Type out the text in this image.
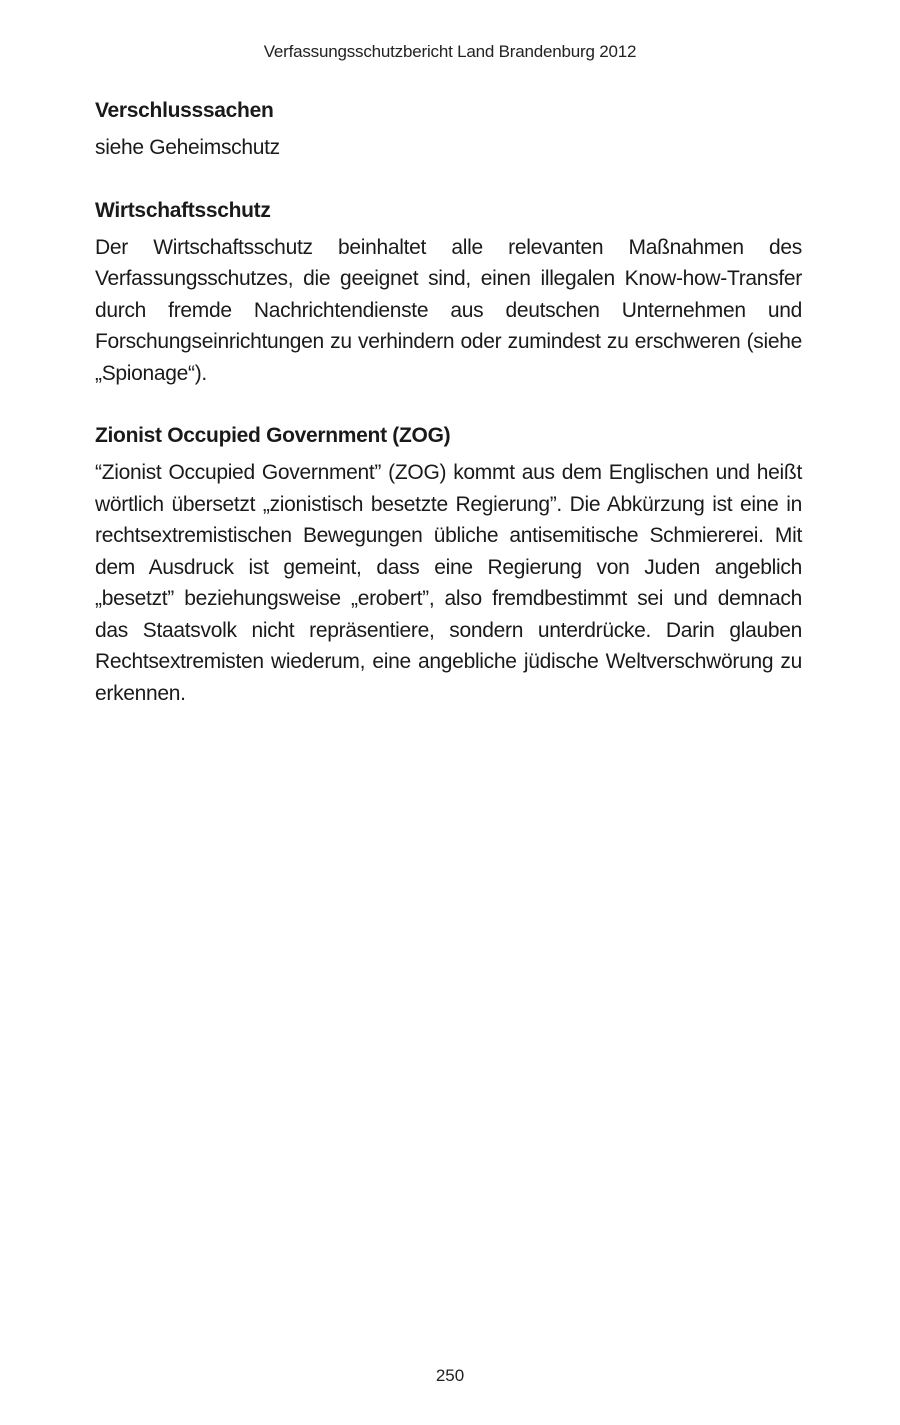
Verfassungsschutzbericht Land Brandenburg 2012
Verschlusssachen

siehe Geheimschutz

Wirtschaftsschutz

Der Wirtschaftsschutz beinhaltet alle relevanten Maßnahmen des Verfassungsschutzes, die geeignet sind, einen illegalen Know-how-Transfer durch fremde Nachrichtendienste aus deutschen Unternehmen und Forschungseinrichtungen zu verhindern oder zumindest zu erschweren (siehe „Spionage“).

Zionist Occupied Government (ZOG)

“Zionist Occupied Government” (ZOG) kommt aus dem Englischen und heißt wörtlich übersetzt „zionistisch besetzte Regierung”. Die Abkürzung ist eine in rechtsextremistischen Bewegungen übliche antisemitische Schmiererei. Mit dem Ausdruck ist gemeint, dass eine Regierung von Juden angeblich „besetzt” beziehungsweise „erobert”, also fremdbestimmt sei und demnach das Staatsvolk nicht repräsentiere, sondern unterdrücke. Darin glauben Rechtsextremisten wiederum, eine angebliche jüdische Weltverschwörung zu erkennen.

250
